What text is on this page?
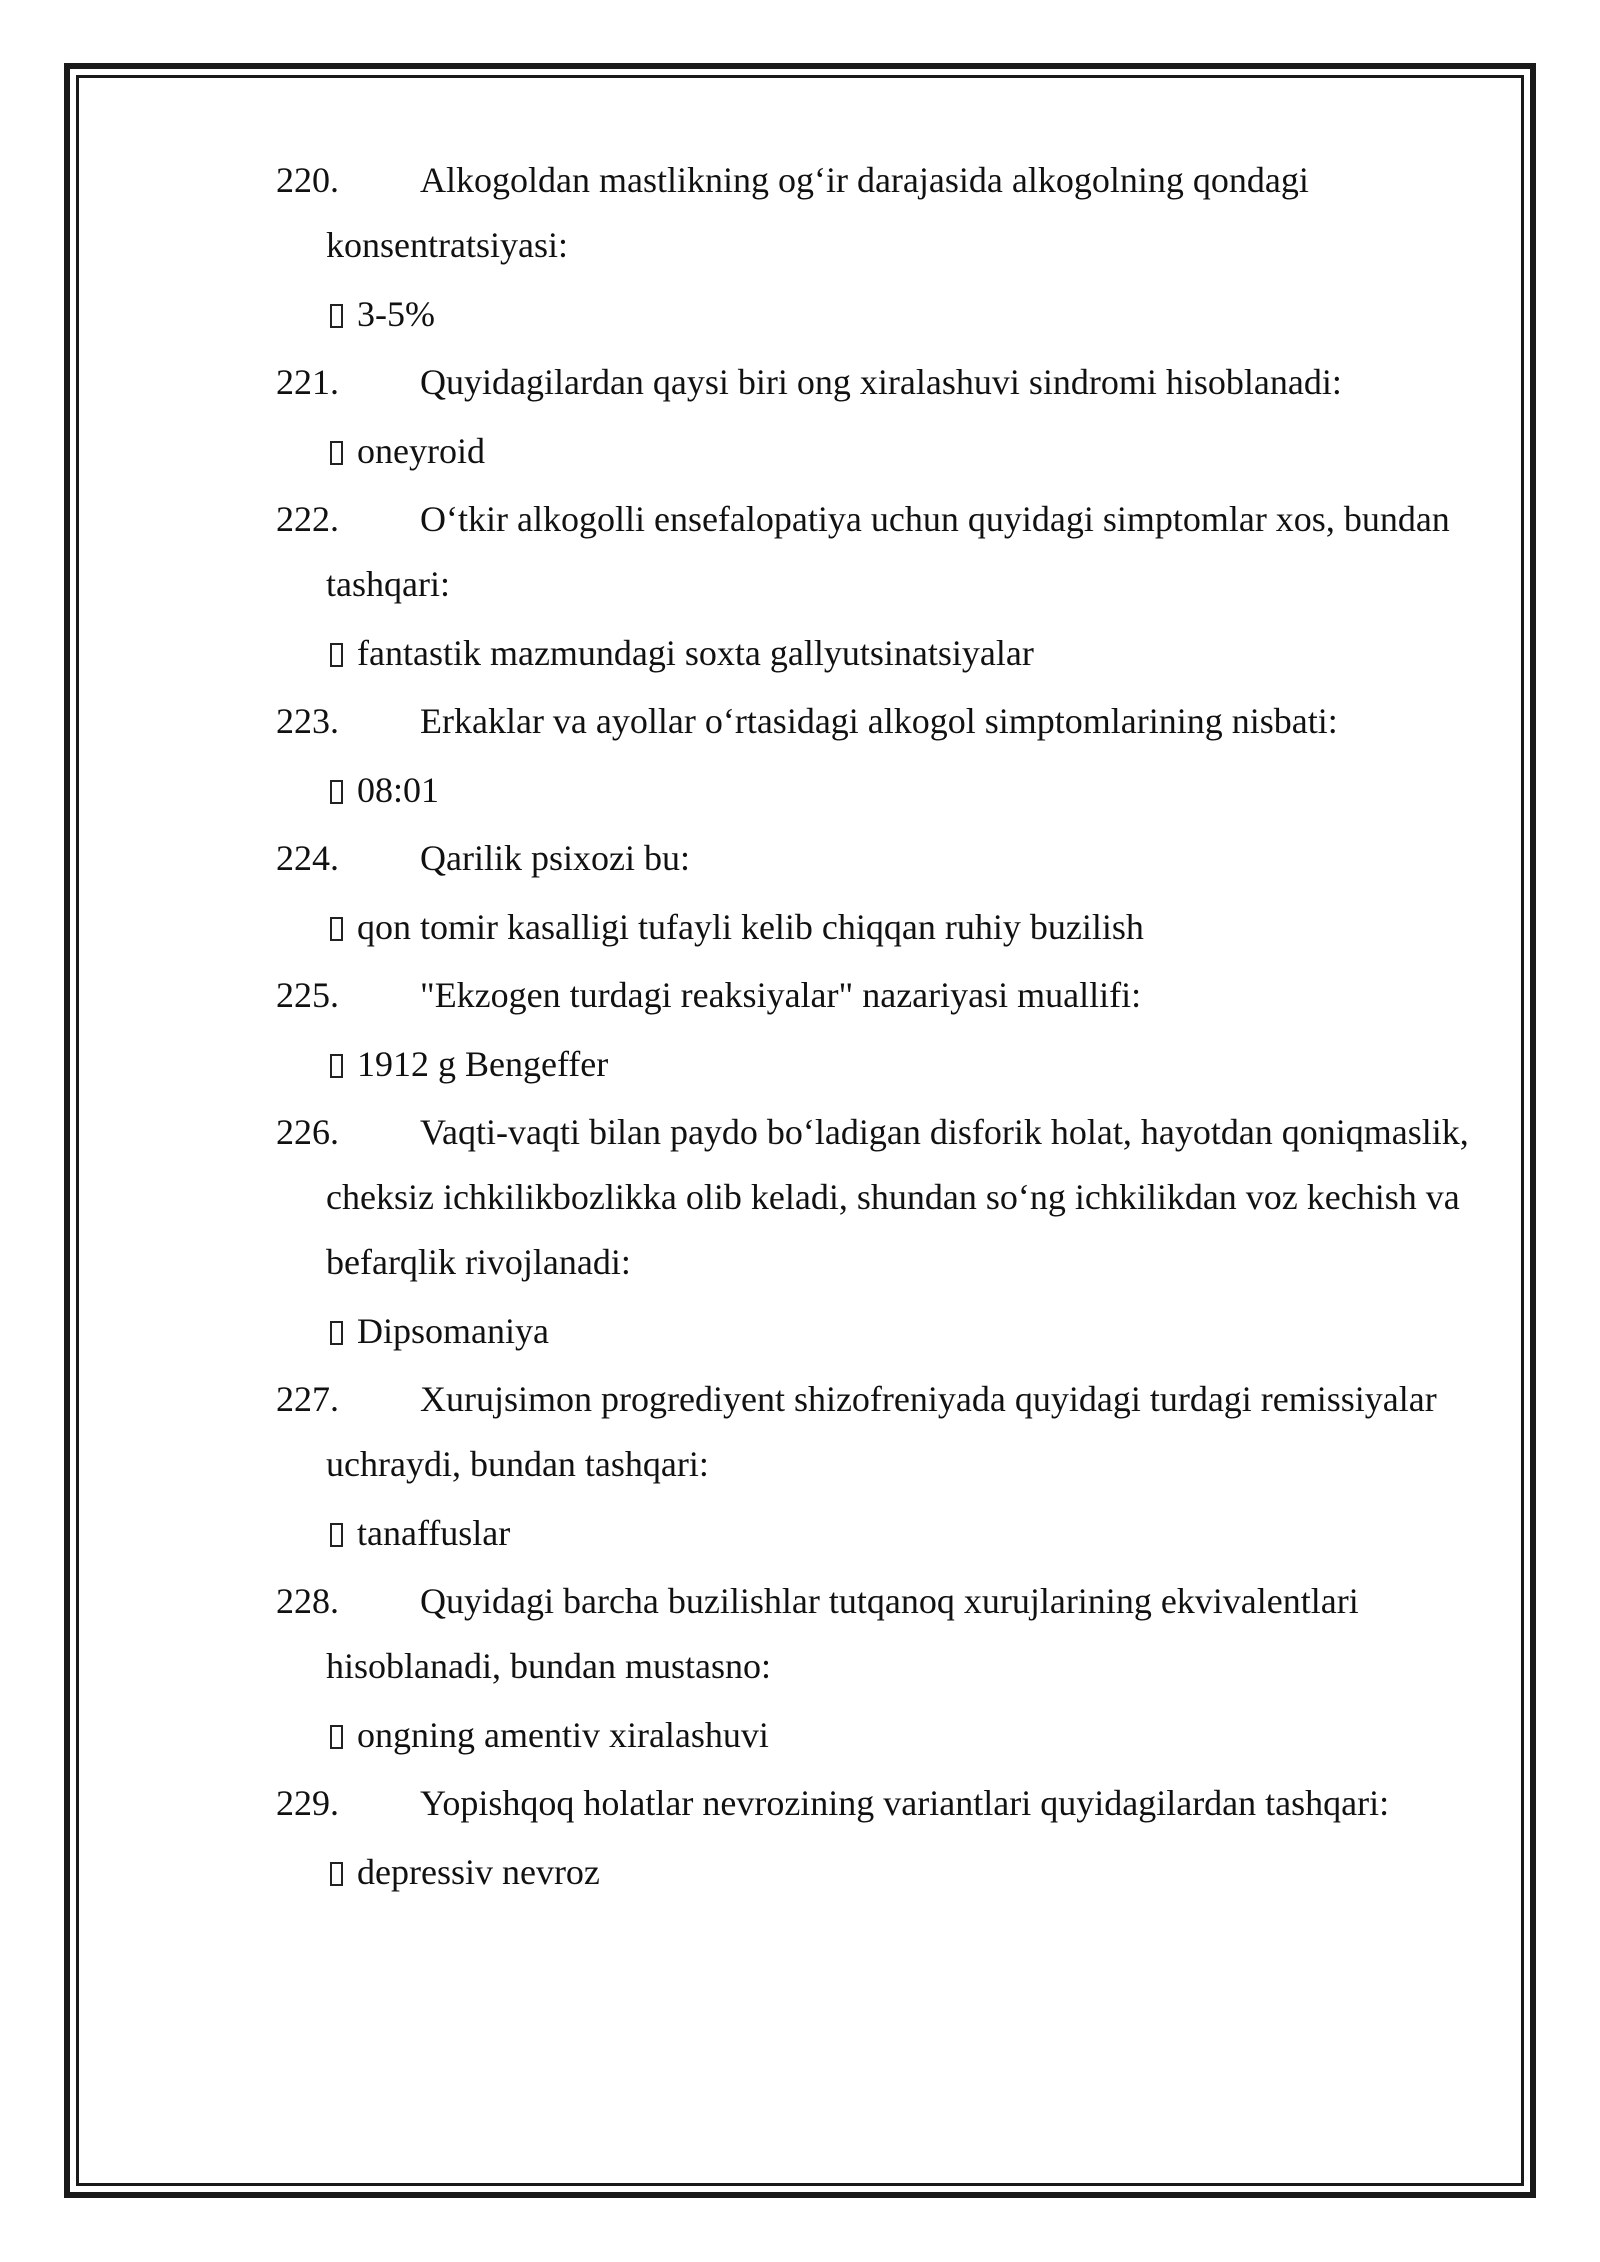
220.	Alkogoldan mastlikning og‘ir darajasida alkogolning qondagi konsentratsiyasi:
3-5%
221.	Quyidagilardan qaysi biri ong xiralashuvi sindromi hisoblanadi:
oneyroid
222.	O‘tkir alkogolli ensefalopatiya uchun quyidagi simptomlar xos, bundan tashqari:
fantastik mazmundagi soxta gallyutsinatsiyalar
223.	Erkaklar va ayollar o‘rtasidagi alkogol simptomlarining nisbati:
08:01
224.	Qarilik psixozi bu:
qon tomir kasalligi tufayli kelib chiqqan ruhiy buzilish
225.	"Ekzogen turdagi reaksiyalar" nazariyasi muallifi:
1912 g Bengeffer
226.	Vaqti-vaqti bilan paydo bo‘ladigan disforik holat, hayotdan qoniqmaslik, cheksiz ichkilikbozlikka olib keladi, shundan so‘ng ichkilikdan voz kechish va befarqlik rivojlanadi:
Dipsomaniya
227.	Xurujsimon progrediyent shizofreniyada quyidagi turdagi remissiyalar uchraydi, bundan tashqari:
tanaffuslar
228.	Quyidagi barcha buzilishlar tutqanoq xurujlarining ekvivalentlari hisoblanadi, bundan mustasno:
ongning amentiv xiralashuvi
229.	Yopishqoq holatlar nevrozining variantlari quyidagilardan tashqari:
depressiv nevroz
